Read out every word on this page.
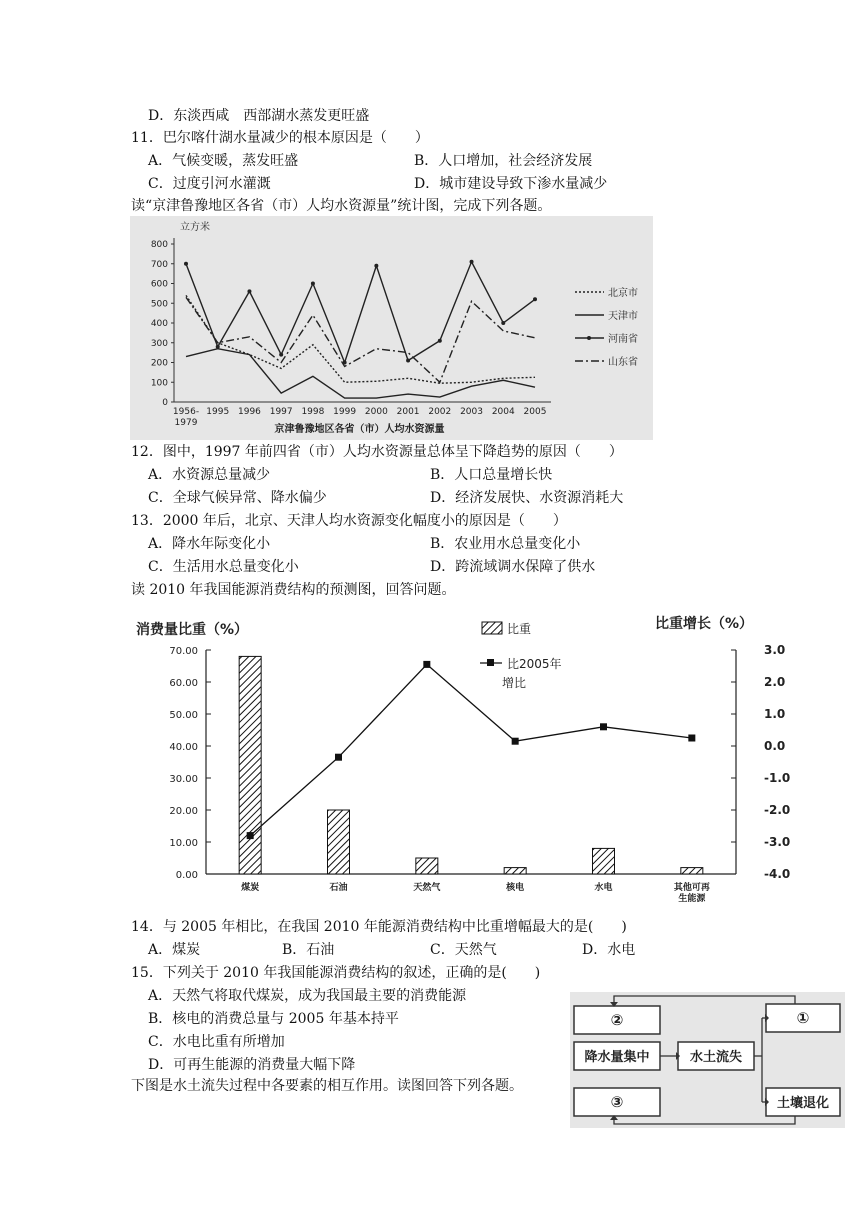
D．东淡西咸　西部湖水蒸发更旺盛
11．巴尔喀什湖水量减少的根本原因是（　　）
A．气候变暖，蒸发旺盛	B．人口增加，社会经济发展
C．过度引河水灌溉	D．城市建设导致下渗水量减少
读“京津鲁豫地区各省（市）人均水资源量”统计图，完成下列各题。
立方米
0
100
200
300
400
500
600
700
800
1956-
1979
1995 1996 1997 1998 1999 2000 2001 2002 2003 2004 2005
京津鲁豫地区各省（市）人均水资源量
北京市
天津市
河南省
山东省
12．图中，1997 年前四省（市）人均水资源量总体呈下降趋势的原因（　　）
A．水资源总量减少	B．人口总量增长快
C．全球气候异常、降水偏少	D．经济发展快、水资源消耗大
13．2000 年后，北京、天津人均水资源变化幅度小的原因是（　　）
A．降水年际变化小	B．农业用水总量变化小
C．生活用水总量变化小	D．跨流域调水保障了供水
读 2010 年我国能源消费结构的预测图，回答问题。
消费量比重（%）	比重增长（%）
0.00
10.00
20.00
30.00
40.00
50.00
60.00
70.00
-4.0
-3.0
-2.0
-1.0
0.0
1.0
2.0
3.0
煤炭	石油	天然气	核电	水电	其他可再
生能源
比重
比2005年
增比
14．与 2005 年相比，在我国 2010 年能源消费结构中比重增幅最大的是(　　)
A．煤炭	B．石油	C．天然气	D．水电
15．下列关于 2010 年我国能源消费结构的叙述，正确的是(　　)
A．天然气将取代煤炭，成为我国最主要的消费能源
B．核电的消费总量与 2005 年基本持平
C．水电比重有所增加
D．可再生能源的消费量大幅下降
下图是水土流失过程中各要素的相互作用。读图回答下列各题。
②
降水量集中
③
水土流失
①
土壤退化
